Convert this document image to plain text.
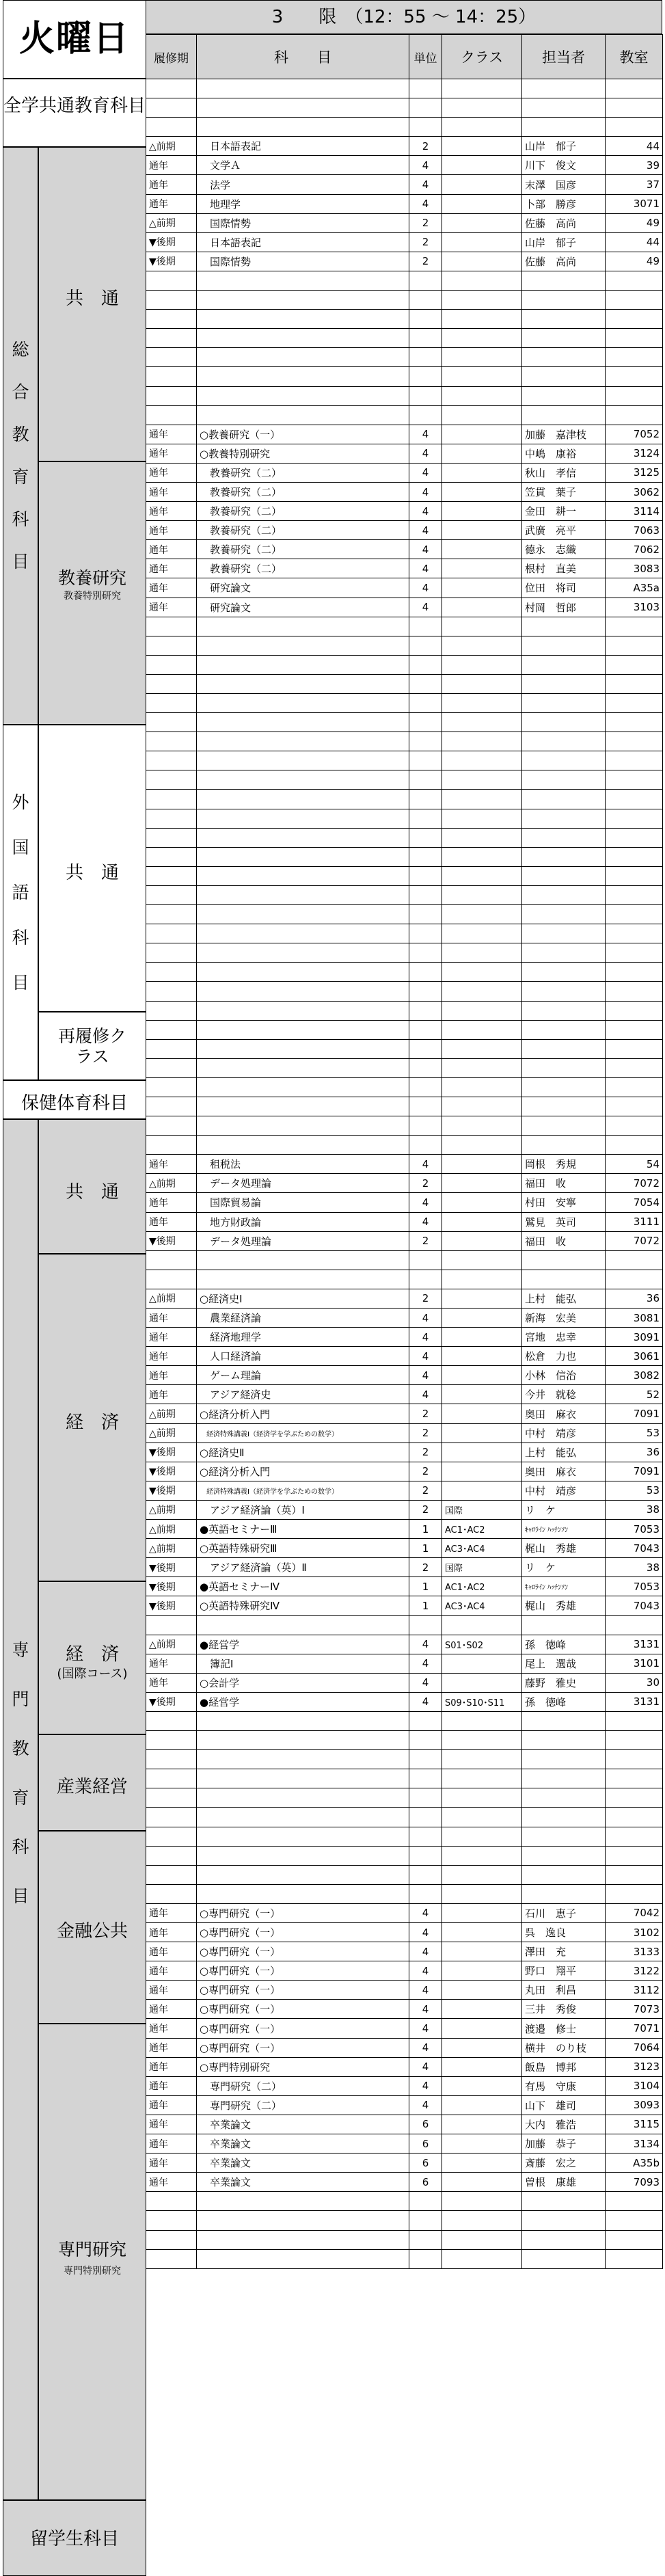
火曜日
3　　限　（12：55 ～ 14：25）
全学共通教育科目
総
合
教
育
科
目
共　通
教養研究
教養特別研究
外
国
語
科
目
共　通
再履修クラス
保健体育科目
専
門
教
育
科
目
共　通
経　済
経　済
(国際コース)
産業経営
金融公共
専門研究
専門特別研究
留学生科目
履修期	科　　目	単位	クラス	担当者	教室

△前期	　日本語表記	2		山岸　郁子	44
通年	　文学Ａ	4		川下　俊文	39
通年	　法学	4		末澤　国彦	37
通年	　地理学	4		卜部　勝彦	3071
△前期	　国際情勢	2		佐藤　高尚	49
▼後期	　日本語表記	2		山岸　郁子	44
▼後期	　国際情勢	2		佐藤　高尚	49

通年	○教養研究（一）	4		加藤　嘉津枝	7052
通年	○教養特別研究	4		中嶋　康裕	3124
通年	　教養研究（二）	4		秋山　孝信	3125
通年	　教養研究（二）	4		笠貫　葉子	3062
通年	　教養研究（二）	4		金田　耕一	3114
通年	　教養研究（二）	4		武廣　亮平	7063
通年	　教養研究（二）	4		德永　志織	7062
通年	　教養研究（二）	4		根村　直美	3083
通年	　研究論文	4		位田　将司	A35a
通年	　研究論文	4		村岡　哲郎	3103

通年	　租税法	4		岡根　秀規	54
△前期	　データ処理論	2		福田　收	7072
通年	　国際貿易論	4		村田　安寧	7054
通年	　地方財政論	4		鷲見　英司	3111
▼後期	　データ処理論	2		福田　收	7072

△前期	○経済史Ⅰ	2		上村　能弘	36
通年	　農業経済論	4		新海　宏美	3081
通年	　経済地理学	4		宮地　忠幸	3091
通年	　人口経済論	4		松倉　力也	3061
通年	　ゲーム理論	4		小林　信治	3082
通年	　アジア経済史	4		今井　就稔	52
△前期	○経済分析入門	2		奥田　麻衣	7091
△前期	　経済特殊講義Ⅰ（経済学を学ぶための数学）	2		中村　靖彦	53
▼後期	○経済史Ⅱ	2		上村　能弘	36
▼後期	○経済分析入門	2		奥田　麻衣	7091
▼後期	　経済特殊講義Ⅰ（経済学を学ぶための数学）	2		中村　靖彦	53
△前期	　アジア経済論（英）Ⅰ	2	国際	リ　ケ	38
△前期	●英語セミナーⅢ	1	AC1･AC2	ｷｬﾛﾗｲﾝ ﾊｯﾁﾝｿﾝ	7053
△前期	○英語特殊研究Ⅲ	1	AC3･AC4	梶山　秀雄	7043
▼後期	　アジア経済論（英）Ⅱ	2	国際	リ　ケ	38
▼後期	●英語セミナーⅣ	1	AC1･AC2	ｷｬﾛﾗｲﾝ ﾊｯﾁﾝｿﾝ	7053
▼後期	○英語特殊研究Ⅳ	1	AC3･AC4	梶山　秀雄	7043

△前期	●経営学	4	S01･S02	孫　徳峰	3131
通年	　簿記Ⅰ	4		尾上　選哉	3101
通年	○会計学	4		藤野　雅史	30
▼後期	●経営学	4	S09･S10･S11	孫　徳峰	3131

通年	○専門研究（一）	4		石川　恵子	7042
通年	○専門研究（一）	4		呉　逸良	3102
通年	○専門研究（一）	4		澤田　充	3133
通年	○専門研究（一）	4		野口　翔平	3122
通年	○専門研究（一）	4		丸田　利昌	3112
通年	○専門研究（一）	4		三井　秀俊	7073
通年	○専門研究（一）	4		渡邉　修士	7071
通年	○専門研究（一）	4		横井　のり枝	7064
通年	○専門特別研究	4		飯島　博邦	3123
通年	　専門研究（二）	4		有馬　守康	3104
通年	　専門研究（二）	4		山下　雄司	3093
通年	　卒業論文	6		大内　雅浩	3115
通年	　卒業論文	6		加藤　恭子	3134
通年	　卒業論文	6		斎藤　宏之	A35b
通年	　卒業論文	6		曽根　康雄	7093
